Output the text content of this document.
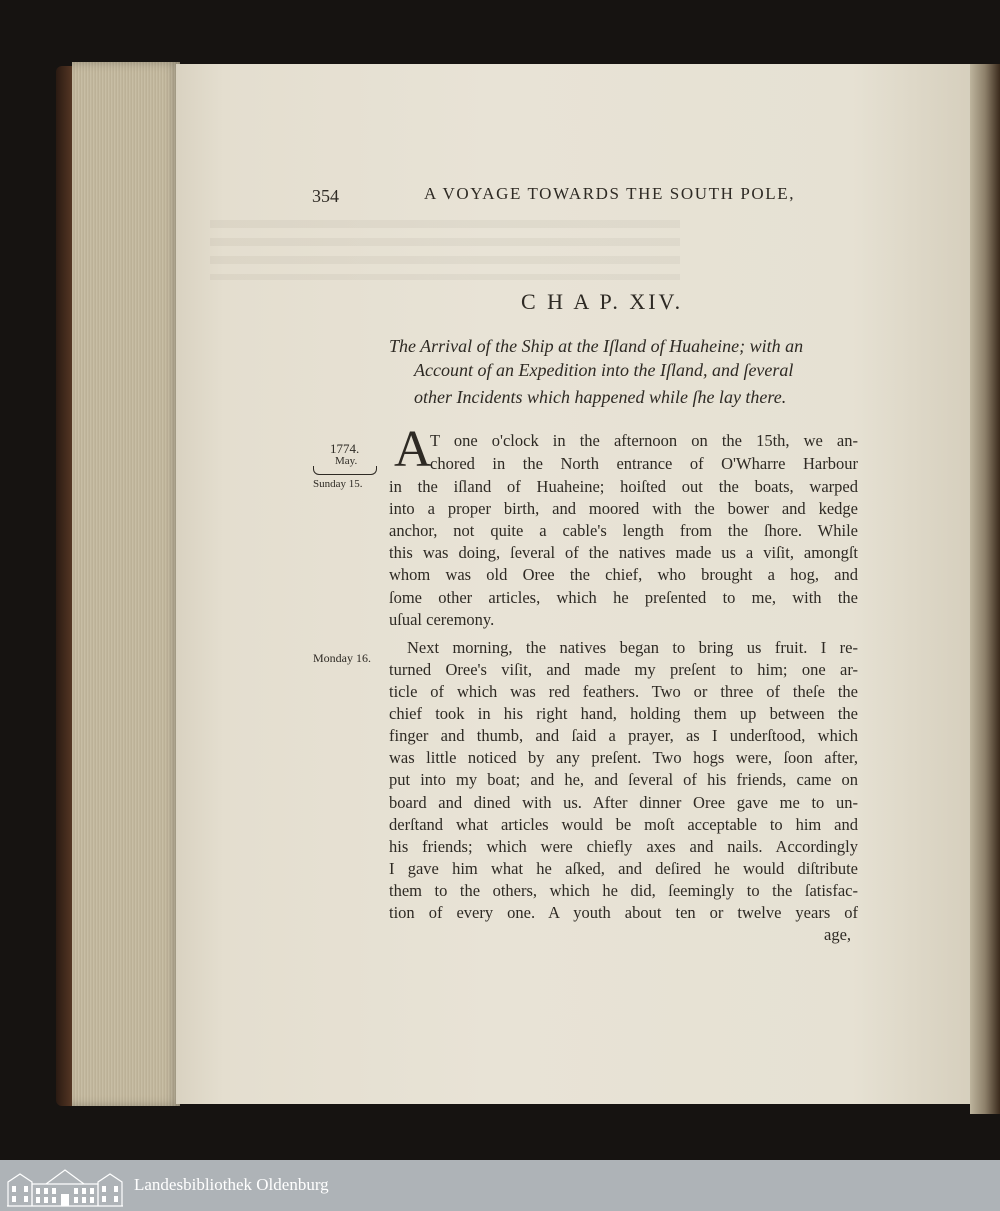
354	A VOYAGE TOWARDS THE SOUTH POLE,
C H A P. XIV.
The Arrival of the Ship at the Iſland of Huaheine; with an
Account of an Expedition into the Iſland, and ſeveral
other Incidents which happened while ſhe lay there.
1774.
May.
Sunday 15.
Monday 16.
A
T one o'clock in the afternoon on the 15th, we an-
chored in the North entrance of O'Wharre Harbour
in the iſland of Huaheine; hoiſted out the boats, warped
into a proper birth, and moored with the bower and kedge
anchor, not quite a cable's length from the ſhore. While
this was doing, ſeveral of the natives made us a viſit, amongſt
whom was old Oree the chief, who brought a hog, and
ſome other articles, which he preſented to me, with the
uſual ceremony.
Next morning, the natives began to bring us fruit. I re-
turned Oree's viſit, and made my preſent to him; one ar-
ticle of which was red feathers. Two or three of theſe the
chief took in his right hand, holding them up between the
finger and thumb, and ſaid a prayer, as I underſtood, which
was little noticed by any preſent. Two hogs were, ſoon after,
put into my boat; and he, and ſeveral of his friends, came on
board and dined with us. After dinner Oree gave me to un-
derſtand what articles would be moſt acceptable to him and
his friends; which were chiefly axes and nails. Accordingly
I gave him what he aſked, and deſired he would diſtribute
them to the others, which he did, ſeemingly to the ſatisfac-
tion of every one. A youth about ten or twelve years of
age,
Landesbibliothek Oldenburg
